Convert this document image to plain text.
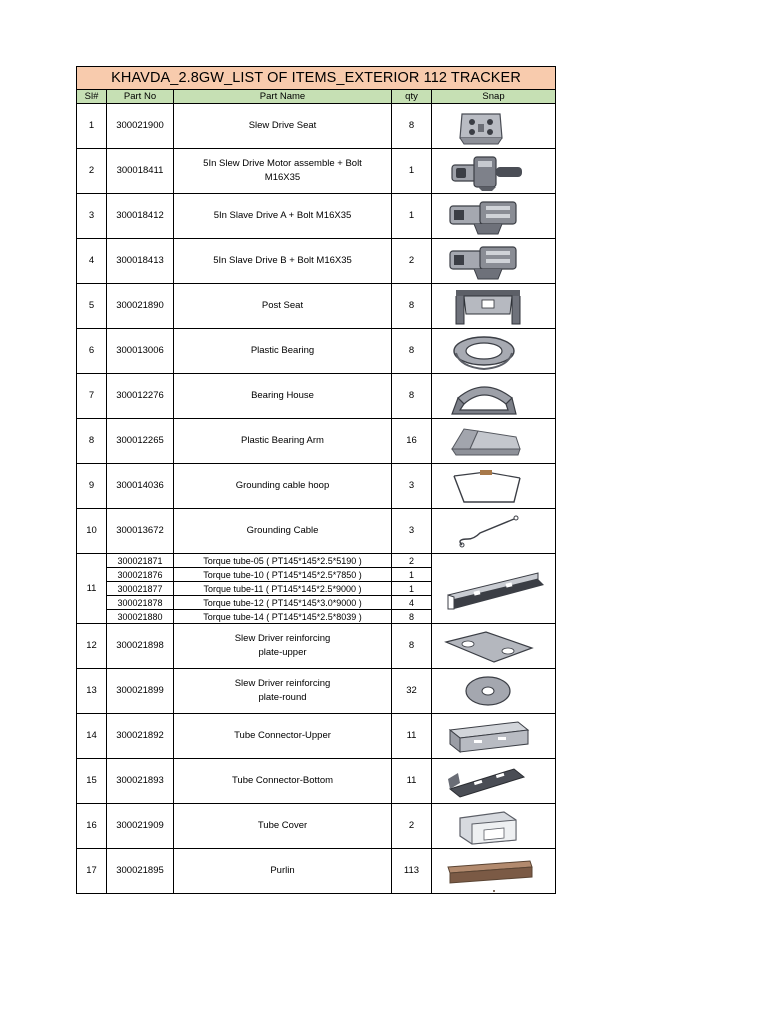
KHAVDA_2.8GW_LIST OF ITEMS_EXTERIOR 112 TRACKER				
Sl#	Part No	Part Name	qty	Snap
1	300021900	Slew Drive Seat	8	

2	300018411	5In Slew Drive Motor assemble + Bolt
M16X35	1	

3	300018412	5In Slave Drive A + Bolt M16X35	1	

4	300018413	5In Slave Drive B + Bolt M16X35	2	

5	300021890	Post Seat	8	

6	300013006	Plastic Bearing	8	

7	300012276	Bearing House	8	

8	300012265	Plastic Bearing Arm	16	

9	300014036	Grounding cable hoop	3	

10	300013672	Grounding Cable	3	

11	300021871	Torque tube-05 ( PT145*145*2.5*5190 )	2	

	300021876	Torque tube-10 ( PT145*145*2.5*7850 )	1	
	300021877	Torque tube-11 ( PT145*145*2.5*9000 )	1	
	300021878	Torque tube-12 ( PT145*145*3.0*9000 )	4	
	300021880	Torque tube-14 ( PT145*145*2.5*8039 )	8	
12	300021898	Slew Driver reinforcing
plate-upper	8	

13	300021899	Slew Driver reinforcing
plate-round	32	

14	300021892	Tube Connector-Upper	11	

15	300021893	Tube Connector-Bottom	11	

16	300021909	Tube Cover	2	

17	300021895	Purlin	113	
